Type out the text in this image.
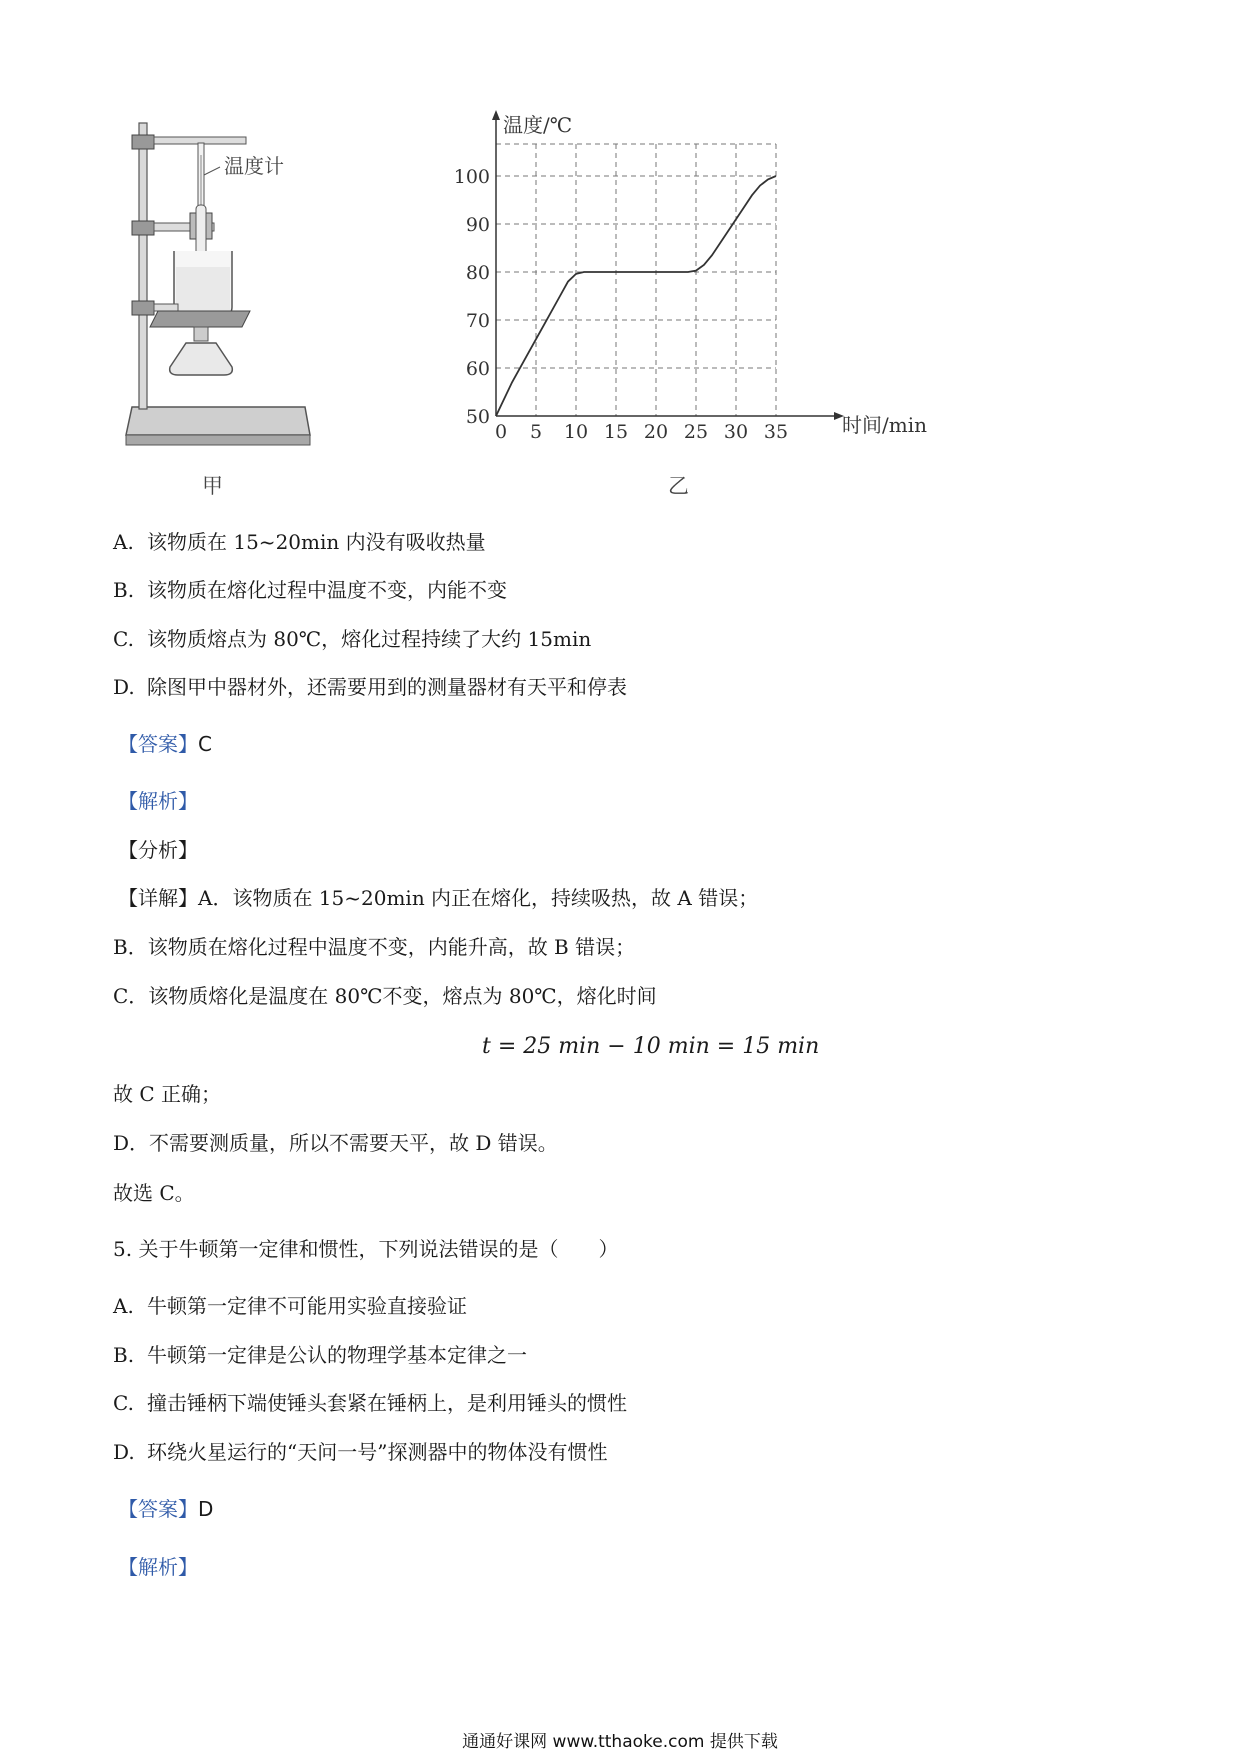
温度计
甲
0 5 10 15 20 25 30 35
50
60
70
80
90
100
温度/℃
时间/min
乙
A. 该物质在 15~20min 内没有吸收热量
B. 该物质在熔化过程中温度不变，内能不变
C. 该物质熔点为 80℃，熔化过程持续了大约 15min
D. 除图甲中器材外，还需要用到的测量器材有天平和停表
【答案】C
【解析】
【分析】
【详解】A．该物质在 15~20min 内正在熔化，持续吸热，故 A 错误；
B．该物质在熔化过程中温度不变，内能升高，故 B 错误；
C．该物质熔化是温度在 80℃不变，熔点为 80℃，熔化时间
t = 25 min − 10 min = 15 min
故 C 正确；
D．不需要测质量，所以不需要天平，故 D 错误。
故选 C。
5. 关于牛顿第一定律和惯性，下列说法错误的是（　　）
A. 牛顿第一定律不可能用实验直接验证
B. 牛顿第一定律是公认的物理学基本定律之一
C. 撞击锤柄下端使锤头套紧在锤柄上，是利用锤头的惯性
D. 环绕火星运行的“天问一号”探测器中的物体没有惯性
【答案】D
【解析】
通通好课网 www.tthaoke.com 提供下载
